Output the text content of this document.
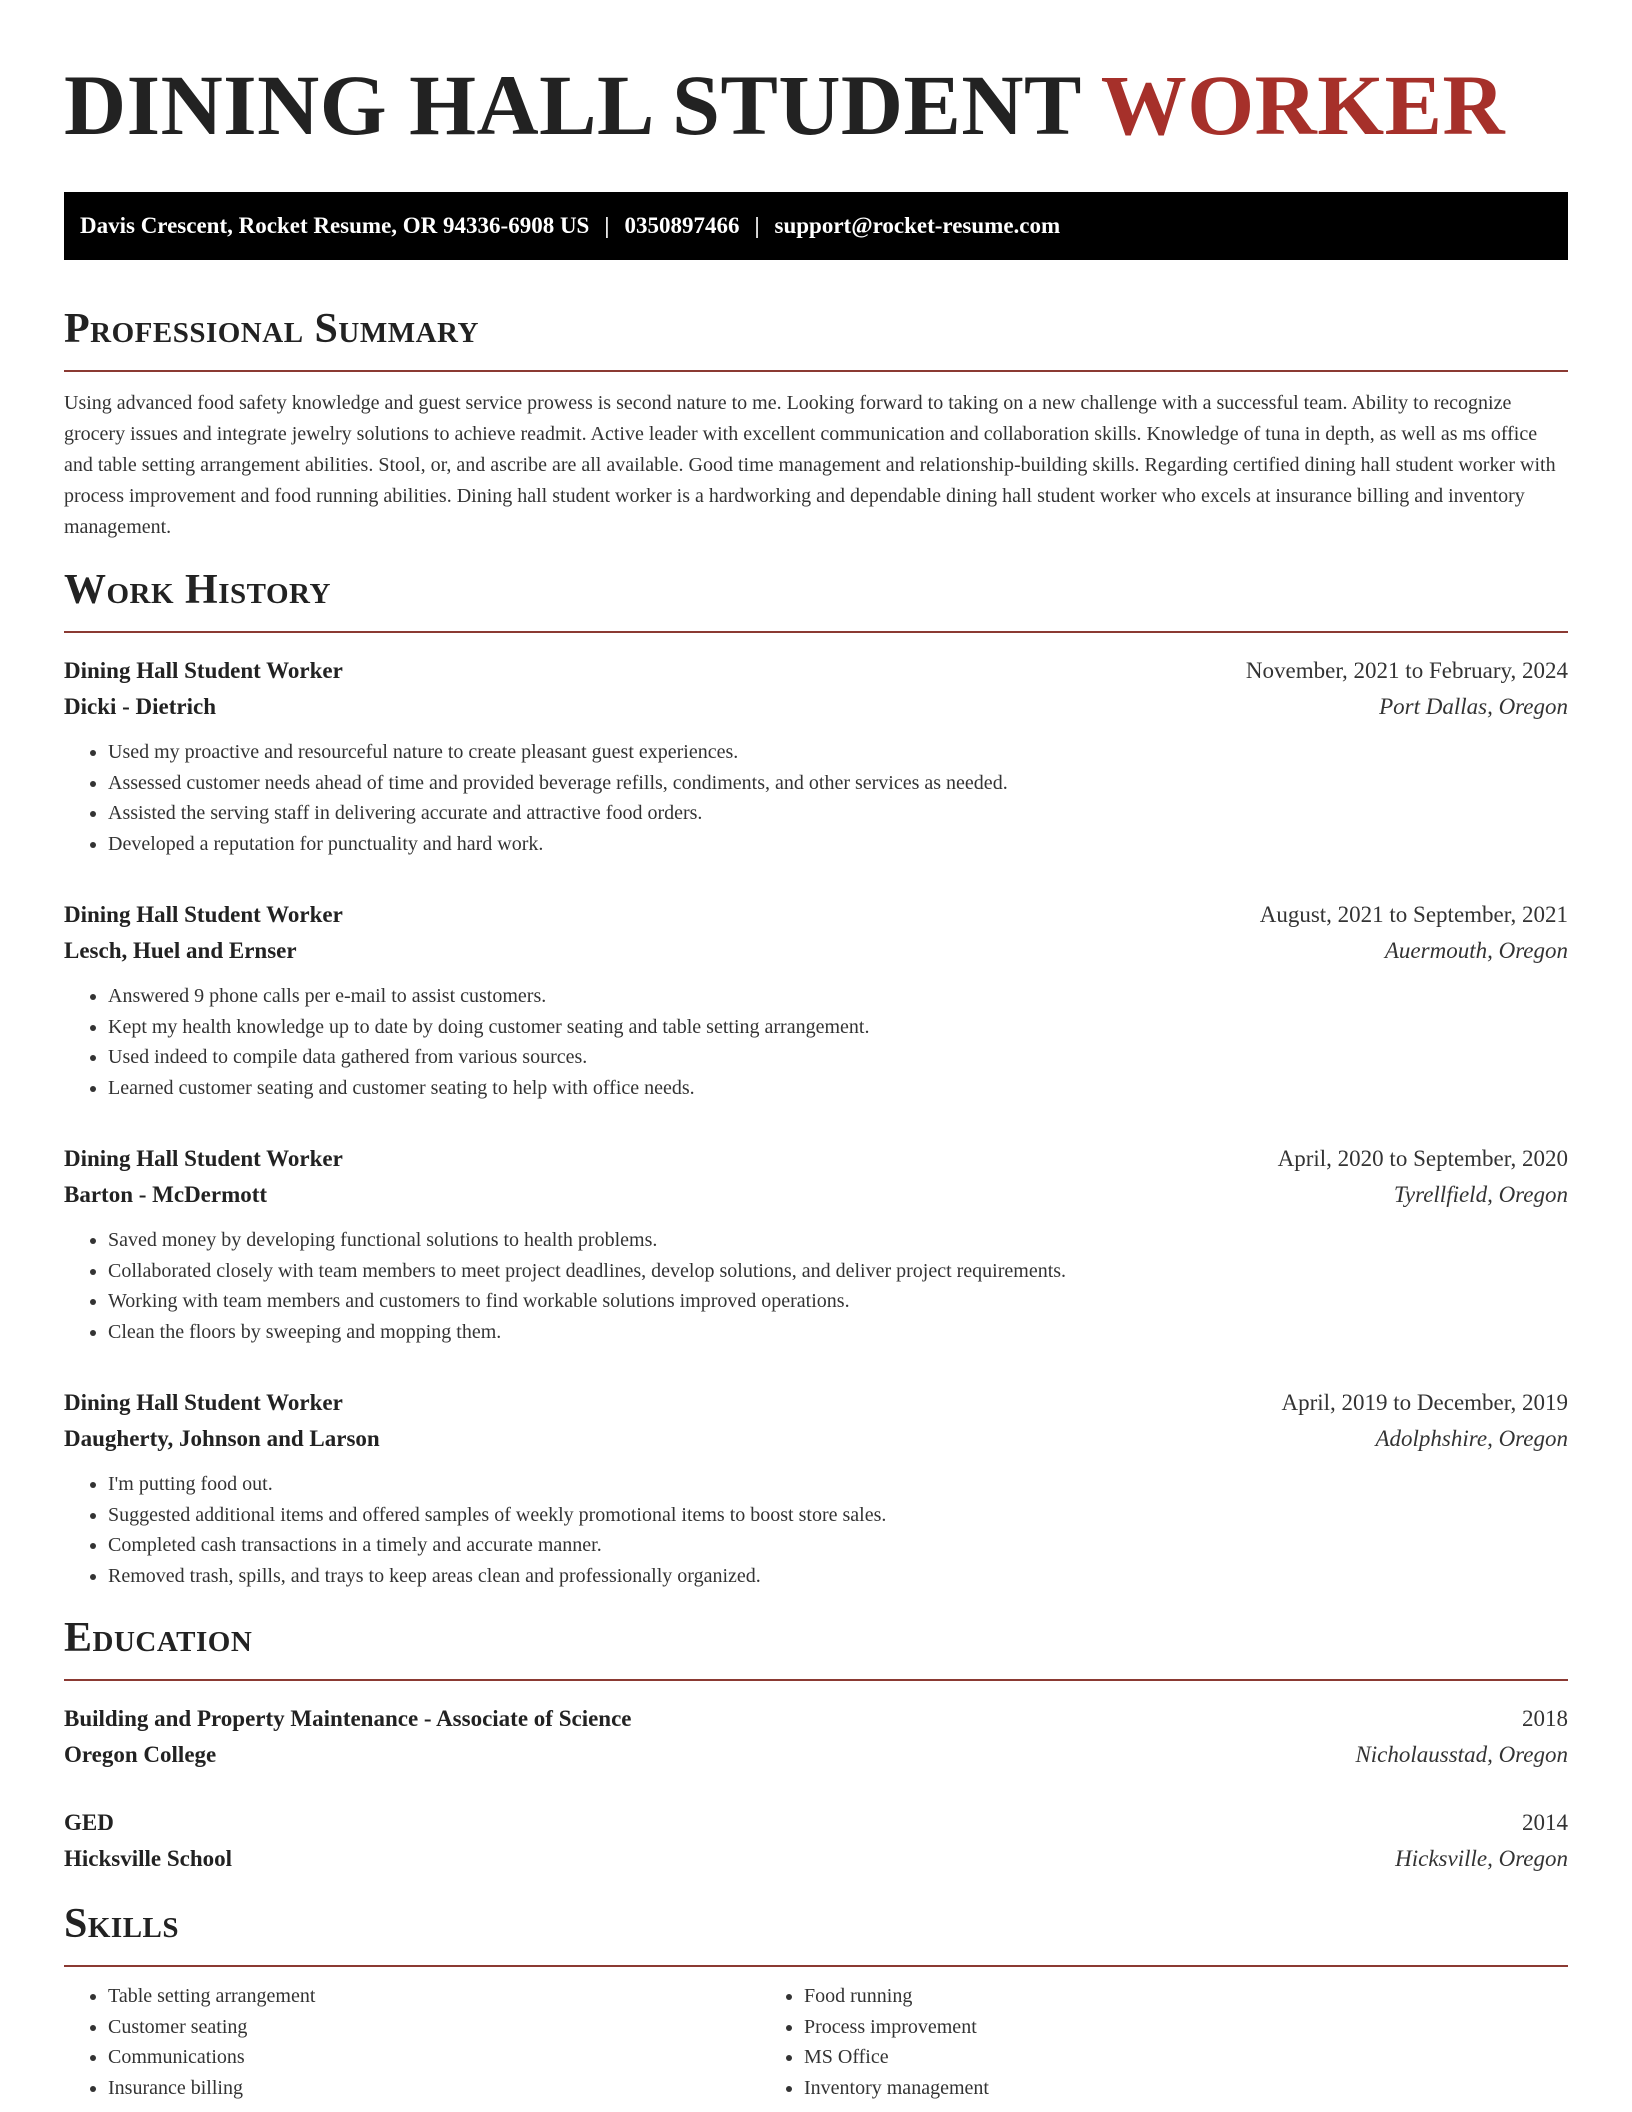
DINING HALL STUDENT WORKER
Davis Crescent, Rocket Resume, OR 94336-6908 US | 0350897466 | support@rocket-resume.com
Professional Summary

Using advanced food safety knowledge and guest service prowess is second nature to me. Looking forward to taking on a new challenge with a successful team. Ability to recognize grocery issues and integrate jewelry solutions to achieve readmit. Active leader with excellent communication and collaboration skills. Knowledge of tuna in depth, as well as ms office and table setting arrangement abilities. Stool, or, and ascribe are all available. Good time management and relationship-building skills. Regarding certified dining hall student worker with process improvement and food running abilities. Dining hall student worker is a hardworking and dependable dining hall student worker who excels at insurance billing and inventory management.

Work History
Dining Hall Student Worker	November, 2021 to February, 2024
Dicki - Dietrich	Port Dallas, Oregon
• Used my proactive and resourceful nature to create pleasant guest experiences.
• Assessed customer needs ahead of time and provided beverage refills, condiments, and other services as needed.
• Assisted the serving staff in delivering accurate and attractive food orders.
• Developed a reputation for punctuality and hard work.
Dining Hall Student Worker	August, 2021 to September, 2021
Lesch, Huel and Ernser	Auermouth, Oregon
• Answered 9 phone calls per e-mail to assist customers.
• Kept my health knowledge up to date by doing customer seating and table setting arrangement.
• Used indeed to compile data gathered from various sources.
• Learned customer seating and customer seating to help with office needs.
Dining Hall Student Worker	April, 2020 to September, 2020
Barton - McDermott	Tyrellfield, Oregon
• Saved money by developing functional solutions to health problems.
• Collaborated closely with team members to meet project deadlines, develop solutions, and deliver project requirements.
• Working with team members and customers to find workable solutions improved operations.
• Clean the floors by sweeping and mopping them.
Dining Hall Student Worker	April, 2019 to December, 2019
Daugherty, Johnson and Larson	Adolphshire, Oregon
• I'm putting food out.
• Suggested additional items and offered samples of weekly promotional items to boost store sales.
• Completed cash transactions in a timely and accurate manner.
• Removed trash, spills, and trays to keep areas clean and professionally organized.
Education
Building and Property Maintenance - Associate of Science	2018
Oregon College	Nicholausstad, Oregon
GED	2014
Hicksville School	Hicksville, Oregon
Skills
• Table setting arrangement
• Customer seating
• Communications
• Insurance billing
• Food running
• Process improvement
• MS Office
• Inventory management
